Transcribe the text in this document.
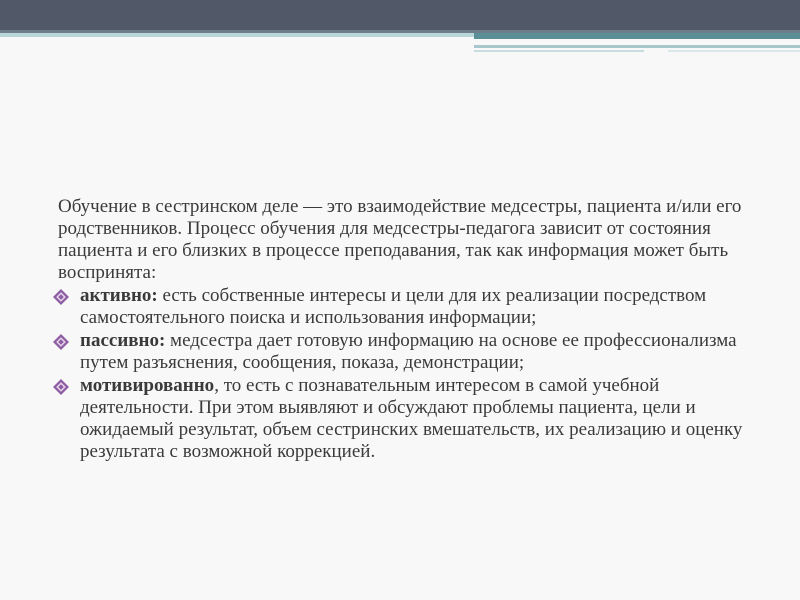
Обучение в сестринском деле — это взаимодействие медсестры, пациента и/или его родственников. Процесс обучения для медсестры-педагога зависит от состояния пациента и его близких в процессе преподавания, так как информация может быть воспринята:

активно: есть собственные интересы и цели для их реализации посредством самостоятельного поиска и использования информации;
пассивно: медсестра дает готовую информацию на основе ее профессионализма путем разъяснения, сообщения, показа, демонстрации;
мотивированно, то есть с познавательным интересом в самой учебной деятельности. При этом выявляют и обсуждают проблемы пациента, цели и ожидаемый результат, объем сестринских вмешательств, их реализацию и оценку результата с возможной коррекцией.
